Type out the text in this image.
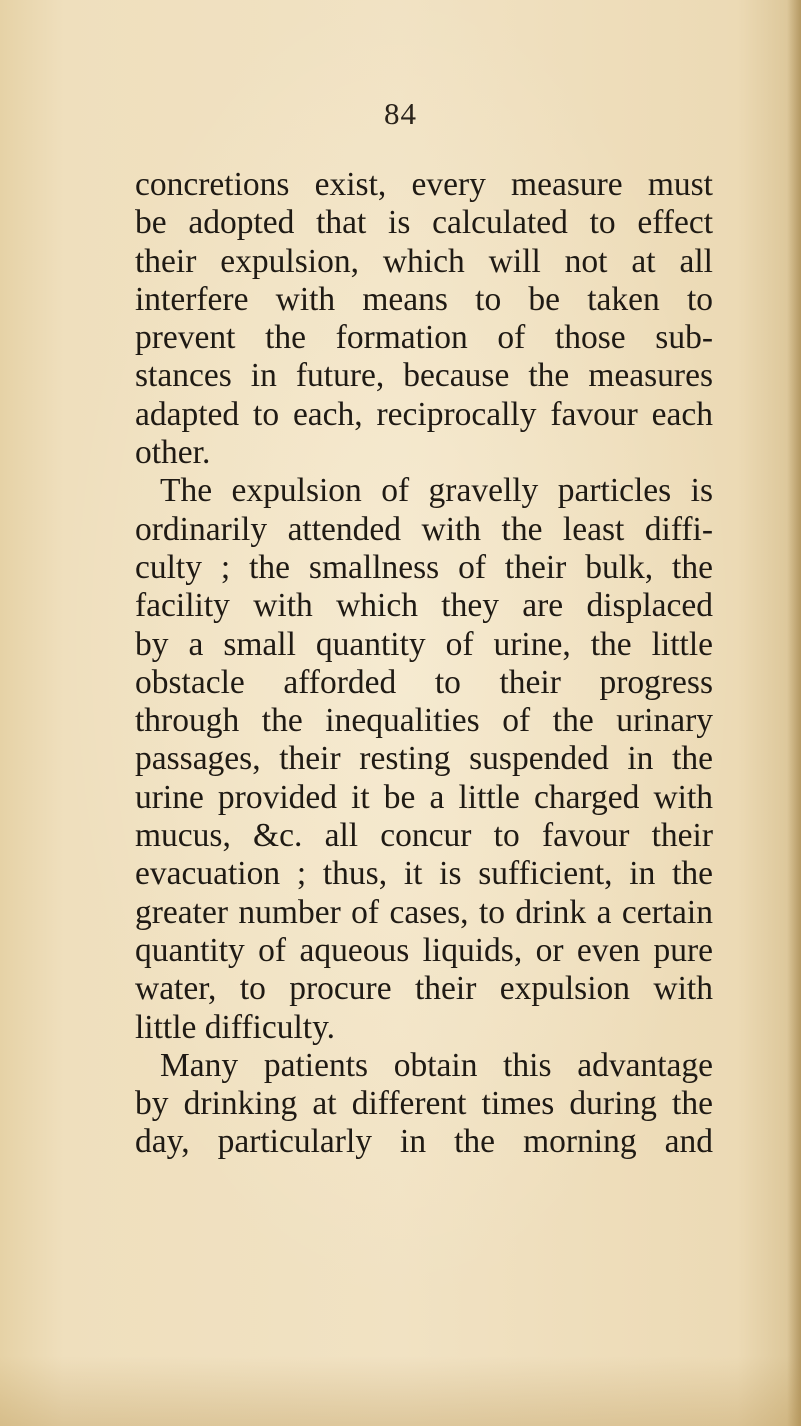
84
concretions exist, every measure must
be adopted that is calculated to effect
their expulsion, which will not at all
interfere with means to be taken to
prevent the formation of those sub-
stances in future, because the measures
adapted to each, reciprocally favour each
other.
The expulsion of gravelly particles is
ordinarily attended with the least diffi-
culty ; the smallness of their bulk, the
facility with which they are displaced
by a small quantity of urine, the little
obstacle afforded to their progress
through the inequalities of the urinary
passages, their resting suspended in the
urine provided it be a little charged with
mucus, &c. all concur to favour their
evacuation ; thus, it is sufficient, in the
greater number of cases, to drink a certain
quantity of aqueous liquids, or even pure
water, to procure their expulsion with
little difficulty.
Many patients obtain this advantage
by drinking at different times during the
day, particularly in the morning and
